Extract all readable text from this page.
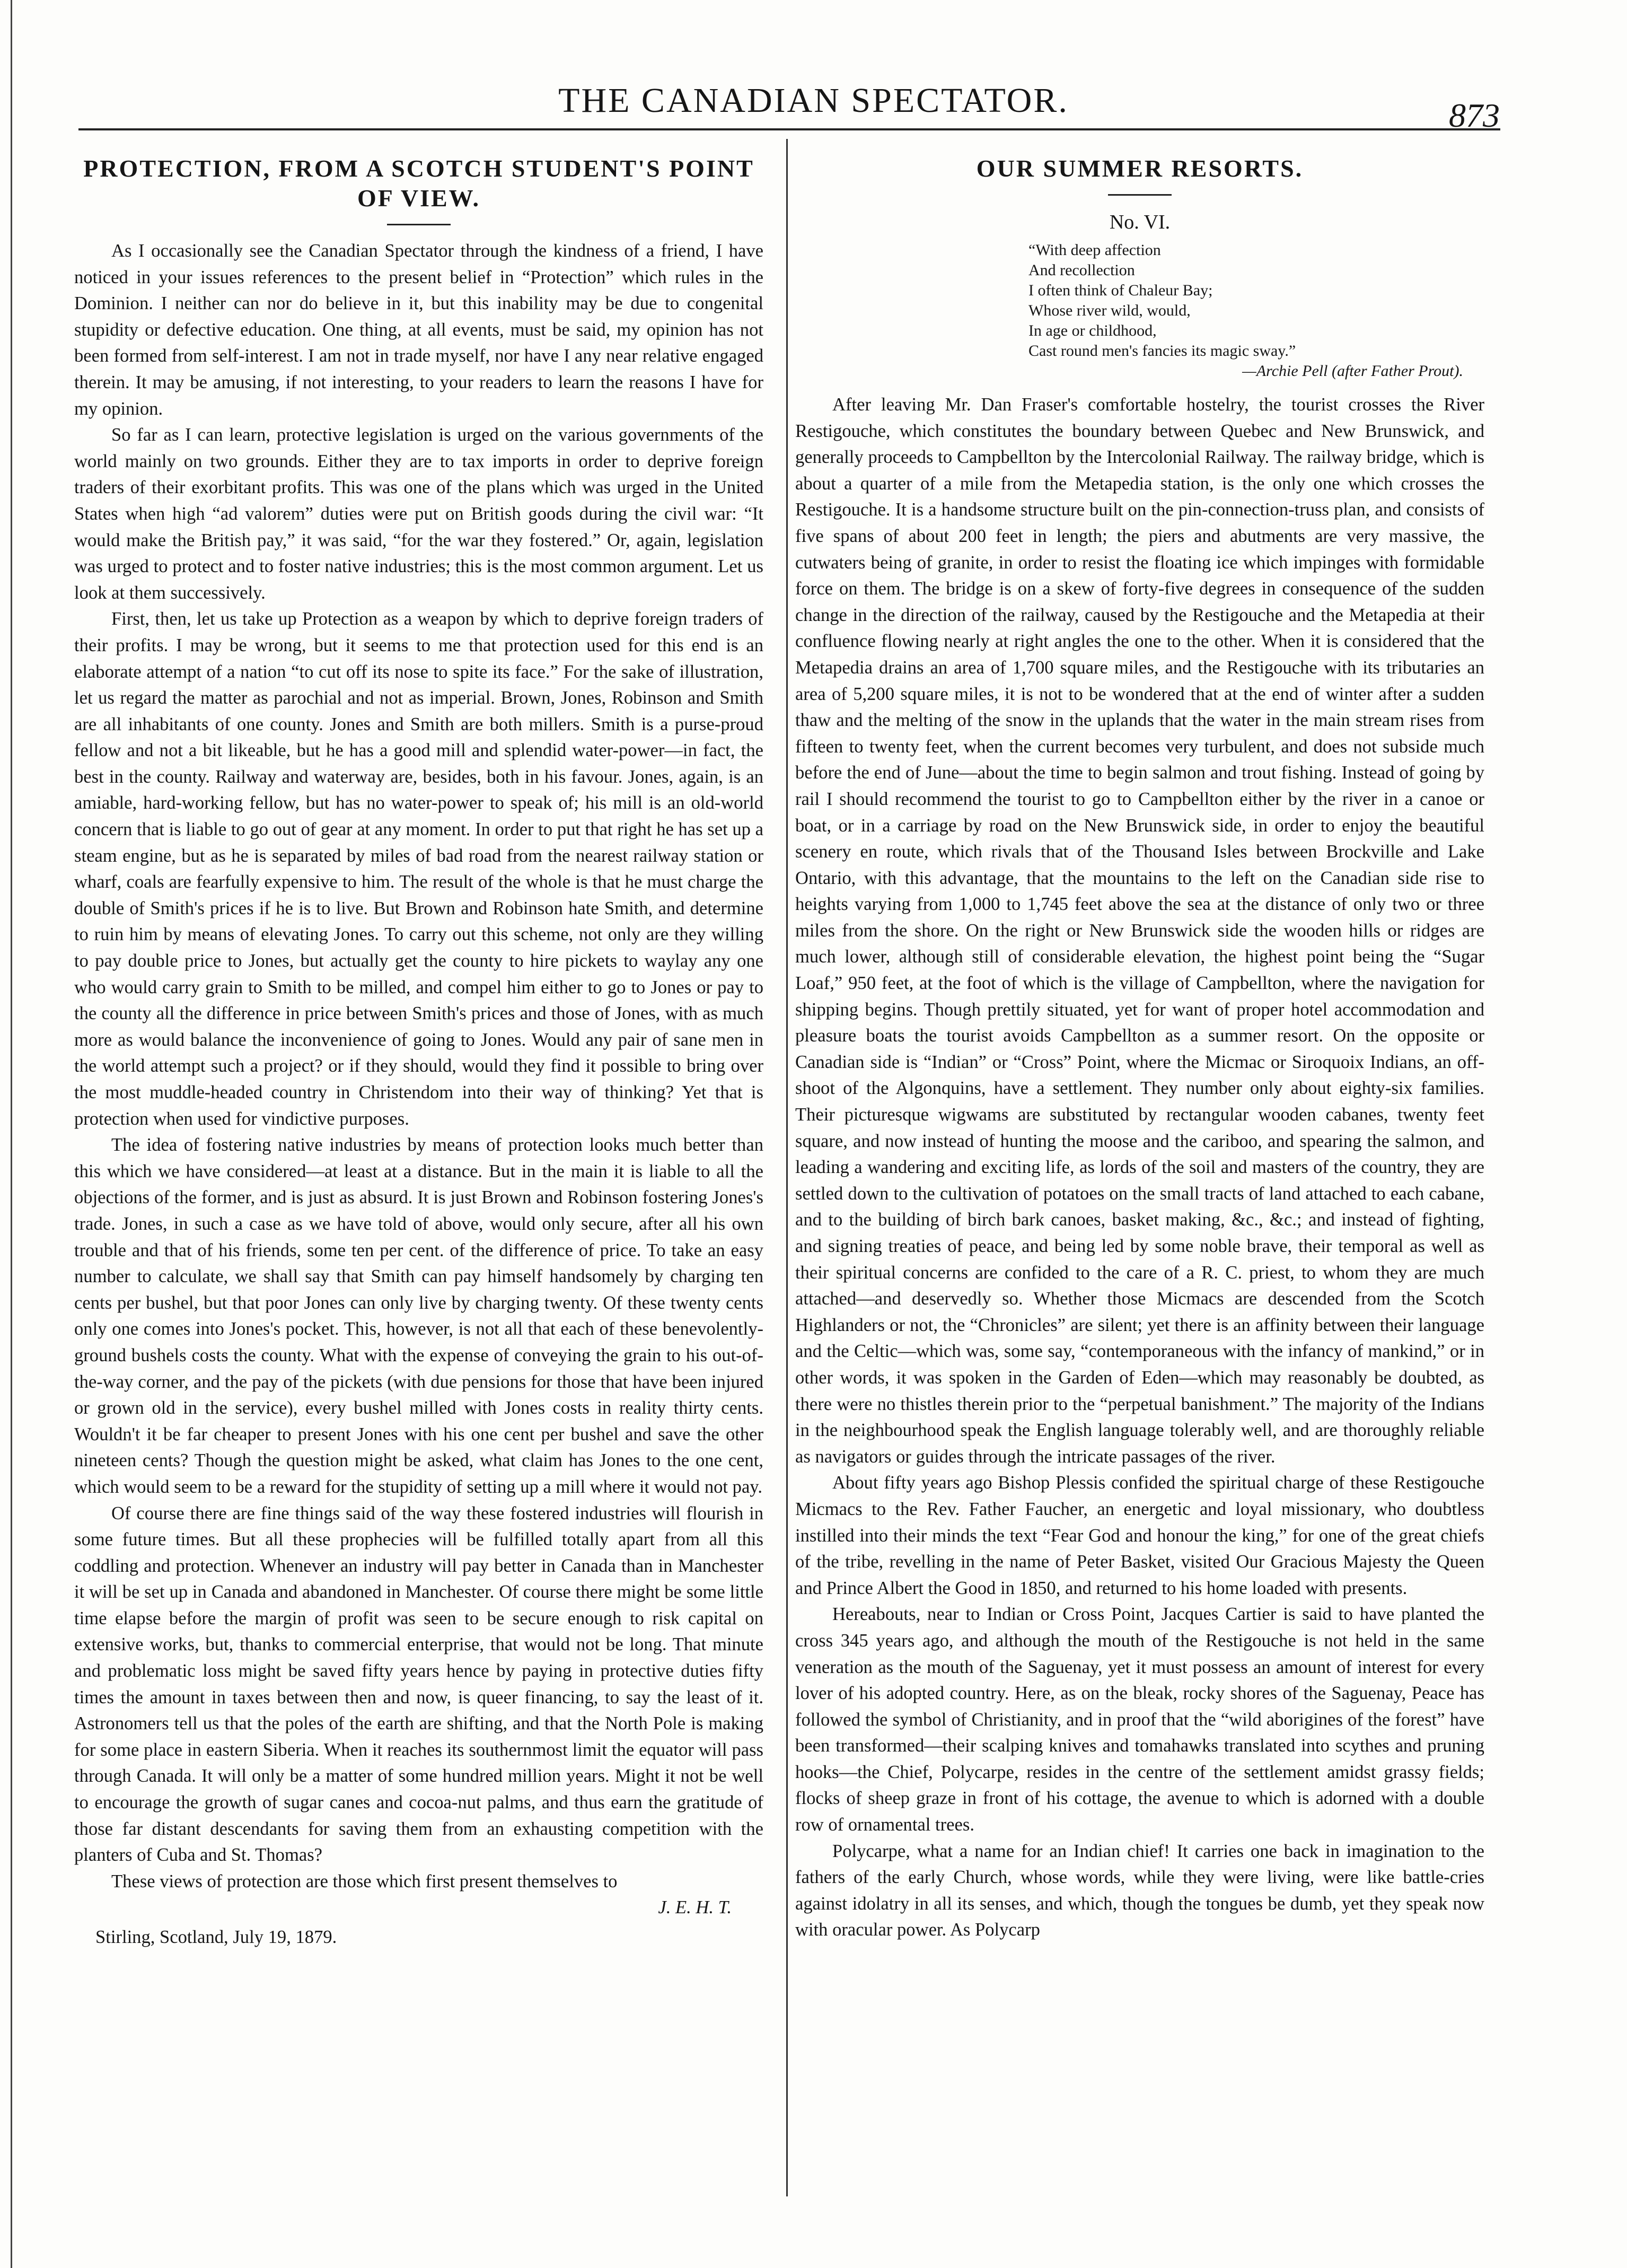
THE CANADIAN SPECTATOR.	873
PROTECTION, FROM A SCOTCH STUDENT'S POINT OF VIEW.

As I occasionally see the Canadian Spectator through the kindness of a friend, I have noticed in your issues references to the present belief in “Protection” which rules in the Dominion. I neither can nor do believe in it, but this inability may be due to congenital stupidity or defective education. One thing, at all events, must be said, my opinion has not been formed from self-interest. I am not in trade myself, nor have I any near relative engaged therein. It may be amusing, if not interesting, to your readers to learn the reasons I have for my opinion.

So far as I can learn, protective legislation is urged on the various governments of the world mainly on two grounds. Either they are to tax imports in order to deprive foreign traders of their exorbitant profits. This was one of the plans which was urged in the United States when high “ad valorem” duties were put on British goods during the civil war: “It would make the British pay,” it was said, “for the war they fostered.” Or, again, legislation was urged to protect and to foster native industries; this is the most common argument. Let us look at them successively.

First, then, let us take up Protection as a weapon by which to deprive foreign traders of their profits. I may be wrong, but it seems to me that protection used for this end is an elaborate attempt of a nation “to cut off its nose to spite its face.” For the sake of illustration, let us regard the matter as parochial and not as imperial. Brown, Jones, Robinson and Smith are all inhabitants of one county. Jones and Smith are both millers. Smith is a purse-proud fellow and not a bit likeable, but he has a good mill and splendid water-power—in fact, the best in the county. Railway and waterway are, besides, both in his favour. Jones, again, is an amiable, hard-working fellow, but has no water-power to speak of; his mill is an old-world concern that is liable to go out of gear at any moment. In order to put that right he has set up a steam engine, but as he is separated by miles of bad road from the nearest railway station or wharf, coals are fearfully expensive to him. The result of the whole is that he must charge the double of Smith's prices if he is to live. But Brown and Robinson hate Smith, and determine to ruin him by means of elevating Jones. To carry out this scheme, not only are they willing to pay double price to Jones, but actually get the county to hire pickets to waylay any one who would carry grain to Smith to be milled, and compel him either to go to Jones or pay to the county all the difference in price between Smith's prices and those of Jones, with as much more as would balance the inconvenience of going to Jones. Would any pair of sane men in the world attempt such a project? or if they should, would they find it possible to bring over the most muddle-headed country in Christendom into their way of thinking? Yet that is protection when used for vindictive purposes.

The idea of fostering native industries by means of protection looks much better than this which we have considered—at least at a distance. But in the main it is liable to all the objections of the former, and is just as absurd. It is just Brown and Robinson fostering Jones's trade. Jones, in such a case as we have told of above, would only secure, after all his own trouble and that of his friends, some ten per cent. of the difference of price. To take an easy number to calculate, we shall say that Smith can pay himself handsomely by charging ten cents per bushel, but that poor Jones can only live by charging twenty. Of these twenty cents only one comes into Jones's pocket. This, however, is not all that each of these benevolently-ground bushels costs the county. What with the expense of conveying the grain to his out-of-the-way corner, and the pay of the pickets (with due pensions for those that have been injured or grown old in the service), every bushel milled with Jones costs in reality thirty cents. Wouldn't it be far cheaper to present Jones with his one cent per bushel and save the other nineteen cents? Though the question might be asked, what claim has Jones to the one cent, which would seem to be a reward for the stupidity of setting up a mill where it would not pay.

Of course there are fine things said of the way these fostered industries will flourish in some future times. But all these prophecies will be fulfilled totally apart from all this coddling and protection. Whenever an industry will pay better in Canada than in Manchester it will be set up in Canada and abandoned in Manchester. Of course there might be some little time elapse before the margin of profit was seen to be secure enough to risk capital on extensive works, but, thanks to commercial enterprise, that would not be long. That minute and problematic loss might be saved fifty years hence by paying in protective duties fifty times the amount in taxes between then and now, is queer financing, to say the least of it. Astronomers tell us that the poles of the earth are shifting, and that the North Pole is making for some place in eastern Siberia. When it reaches its southernmost limit the equator will pass through Canada. It will only be a matter of some hundred million years. Might it not be well to encourage the growth of sugar canes and cocoa-nut palms, and thus earn the gratitude of those far distant descendants for saving them from an exhausting competition with the planters of Cuba and St. Thomas?

These views of protection are those which first present themselves to

J. E. H. T.
Stirling, Scotland, July 19, 1879.
OUR SUMMER RESORTS.
No. VI.
“With deep affection
And recollection
I often think of Chaleur Bay;
Whose river wild, would,
In age or childhood,
Cast round men's fancies its magic sway.”
—Archie Pell (after Father Prout).

After leaving Mr. Dan Fraser's comfortable hostelry, the tourist crosses the River Restigouche, which constitutes the boundary between Quebec and New Brunswick, and generally proceeds to Campbellton by the Intercolonial Railway. The railway bridge, which is about a quarter of a mile from the Metapedia station, is the only one which crosses the Restigouche. It is a handsome structure built on the pin-connection-truss plan, and consists of five spans of about 200 feet in length; the piers and abutments are very massive, the cutwaters being of granite, in order to resist the floating ice which impinges with formidable force on them. The bridge is on a skew of forty-five degrees in consequence of the sudden change in the direction of the railway, caused by the Restigouche and the Metapedia at their confluence flowing nearly at right angles the one to the other. When it is considered that the Metapedia drains an area of 1,700 square miles, and the Restigouche with its tributaries an area of 5,200 square miles, it is not to be wondered that at the end of winter after a sudden thaw and the melting of the snow in the uplands that the water in the main stream rises from fifteen to twenty feet, when the current becomes very turbulent, and does not subside much before the end of June—about the time to begin salmon and trout fishing. Instead of going by rail I should recommend the tourist to go to Campbellton either by the river in a canoe or boat, or in a carriage by road on the New Brunswick side, in order to enjoy the beautiful scenery en route, which rivals that of the Thousand Isles between Brockville and Lake Ontario, with this advantage, that the mountains to the left on the Canadian side rise to heights varying from 1,000 to 1,745 feet above the sea at the distance of only two or three miles from the shore. On the right or New Brunswick side the wooden hills or ridges are much lower, although still of considerable elevation, the highest point being the “Sugar Loaf,” 950 feet, at the foot of which is the village of Campbellton, where the navigation for shipping begins. Though prettily situated, yet for want of proper hotel accommodation and pleasure boats the tourist avoids Campbellton as a summer resort. On the opposite or Canadian side is “Indian” or “Cross” Point, where the Micmac or Siroquoix Indians, an off-shoot of the Algonquins, have a settlement. They number only about eighty-six families. Their picturesque wigwams are substituted by rectangular wooden cabanes, twenty feet square, and now instead of hunting the moose and the cariboo, and spearing the salmon, and leading a wandering and exciting life, as lords of the soil and masters of the country, they are settled down to the cultivation of potatoes on the small tracts of land attached to each cabane, and to the building of birch bark canoes, basket making, &c., &c.; and instead of fighting, and signing treaties of peace, and being led by some noble brave, their temporal as well as their spiritual concerns are confided to the care of a R. C. priest, to whom they are much attached—and deservedly so. Whether those Micmacs are descended from the Scotch Highlanders or not, the “Chronicles” are silent; yet there is an affinity between their language and the Celtic—which was, some say, “contemporaneous with the infancy of mankind,” or in other words, it was spoken in the Garden of Eden—which may reasonably be doubted, as there were no thistles therein prior to the “perpetual banishment.” The majority of the Indians in the neighbourhood speak the English language tolerably well, and are thoroughly reliable as navigators or guides through the intricate passages of the river.

About fifty years ago Bishop Plessis confided the spiritual charge of these Restigouche Micmacs to the Rev. Father Faucher, an energetic and loyal missionary, who doubtless instilled into their minds the text “Fear God and honour the king,” for one of the great chiefs of the tribe, revelling in the name of Peter Basket, visited Our Gracious Majesty the Queen and Prince Albert the Good in 1850, and returned to his home loaded with presents.

Hereabouts, near to Indian or Cross Point, Jacques Cartier is said to have planted the cross 345 years ago, and although the mouth of the Restigouche is not held in the same veneration as the mouth of the Saguenay, yet it must possess an amount of interest for every lover of his adopted country. Here, as on the bleak, rocky shores of the Saguenay, Peace has followed the symbol of Christianity, and in proof that the “wild aborigines of the forest” have been transformed—their scalping knives and tomahawks translated into scythes and pruning hooks—the Chief, Polycarpe, resides in the centre of the settlement amidst grassy fields; flocks of sheep graze in front of his cottage, the avenue to which is adorned with a double row of ornamental trees.

Polycarpe, what a name for an Indian chief! It carries one back in imagination to the fathers of the early Church, whose words, while they were living, were like battle-cries against idolatry in all its senses, and which, though the tongues be dumb, yet they speak now with oracular power. As Polycarp
